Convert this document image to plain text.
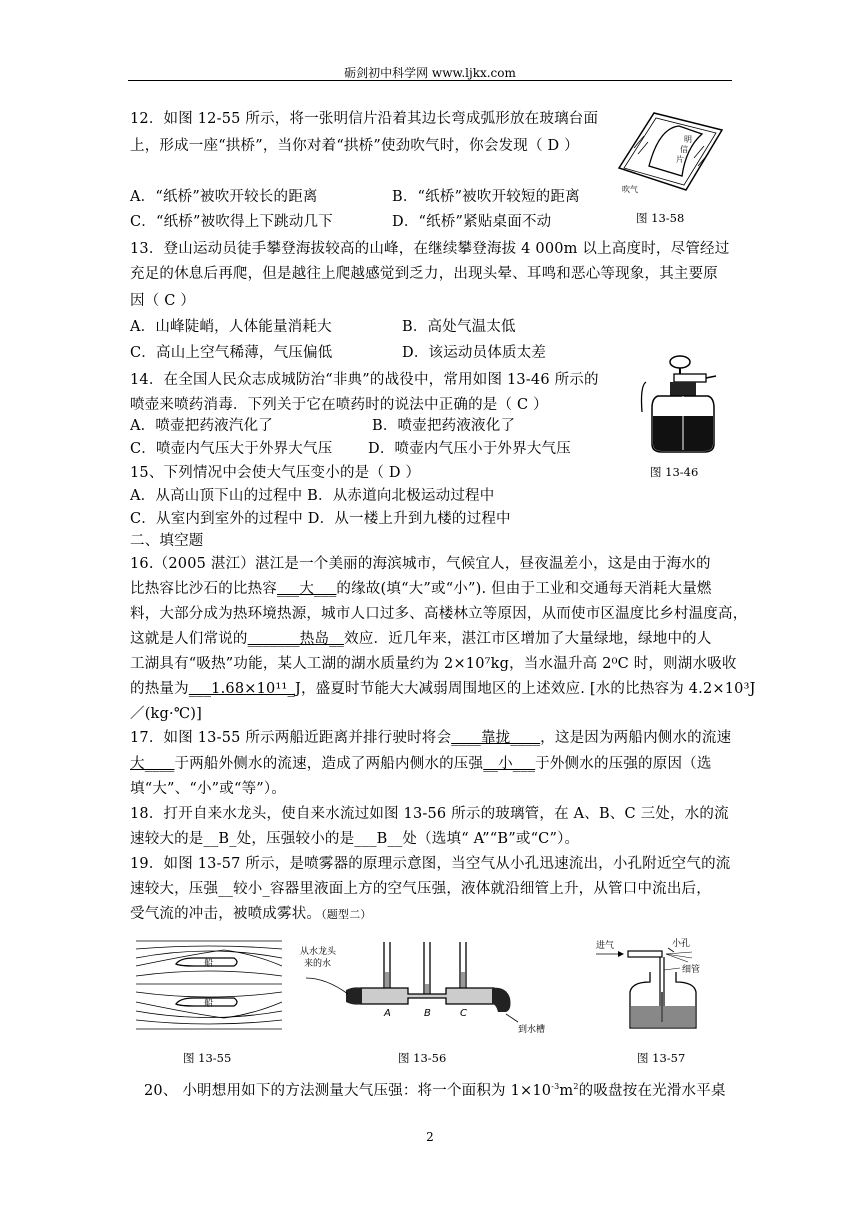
砺剑初中科学网 www.ljkx.com
12．如图 12-55 所示，将一张明信片沿着其边长弯成弧形放在玻璃台面
上，形成一座“拱桥”，当你对着“拱桥”使劲吹气时，你会发现（ D ）
A．“纸桥”被吹开较长的距离	B．“纸桥”被吹开较短的距离
C．“纸桥”被吹得上下跳动几下	D．“纸桥”紧贴桌面不动
明
信
片
吹气
图 13-58
13．登山运动员徒手攀登海拔较高的山峰，在继续攀登海拔 4 000m 以上高度时，尽管经过
充足的休息后再爬，但是越往上爬越感觉到乏力，出现头晕、耳鸣和恶心等现象，其主要原
因（ C ）
A．山峰陡峭，人体能量消耗大	B．高处气温太低
C．高山上空气稀薄，气压偏低	D．该运动员体质太差
14．在全国人民众志成城防治“非典”的战役中，常用如图 13-46 所示的
喷壶来喷药消毒．下列关于它在喷药时的说法中正确的是（ C ）
A．喷壶把药液汽化了	B．喷壶把药液液化了
C．喷壶内气压大于外界大气压 D．喷壶内气压小于外界大气压
图 13-46
15、下列情况中会使大气压变小的是（ D ）
A．从高山顶下山的过程中 B．从赤道向北极运动过程中
C．从室内到室外的过程中 D．从一楼上升到九楼的过程中
二、填空题
16.（2005 湛江）湛江是一个美丽的海滨城市，气候宜人，昼夜温差小，这是由于海水的
比热容比沙石的比热容___大___的缘故(填“大”或“小”). 但由于工业和交通每天消耗大量燃
料，大部分成为热环境热源，城市人口过多、高楼林立等原因，从而使市区温度比乡村温度高，
这就是人们常说的_______热岛__效应．近几年来，湛江市区增加了大量绿地，绿地中的人
工湖具有“吸热”功能，某人工湖的湖水质量约为 2×10⁷kg，当水温升高 2⁰C 时，则湖水吸收
的热量为___1.68×10¹¹_J，盛夏时节能大大减弱周围地区的上述效应. [水的比热容为 4.2×10³J
／(kg·℃)]
17．如图 13-55 所示两船近距离并排行驶时将会____靠拢____，这是因为两船内侧水的流速
大____于两船外侧水的流速，造成了两船内侧水的压强__小___于外侧水的压强的原因（选
填“大”、“小”或“等”）。
18．打开自来水龙头，使自来水流过如图 13-56 所示的玻璃管，在 A、B、C 三处，水的流
速较大的是__B_处，压强较小的是___B__处（选填“ A”“B”或“C”）。
19．如图 13-57 所示，是喷雾器的原理示意图，当空气从小孔迅速流出，小孔附近空气的流
速较大，压强__较小_容器里液面上方的空气压强，液体就沿细管上升，从管口中流出后，
受气流的冲击，被喷成雾状。（题型二）
船
船
图 13-55
从水龙头
来的水
A	B	C
到水槽
图 13-56
进气	小孔
细管
图 13-57
20、 小明想用如下的方法测量大气压强：将一个面积为 $1\times 10^{-3}m^2$的吸盘按在光滑水平桌
2
